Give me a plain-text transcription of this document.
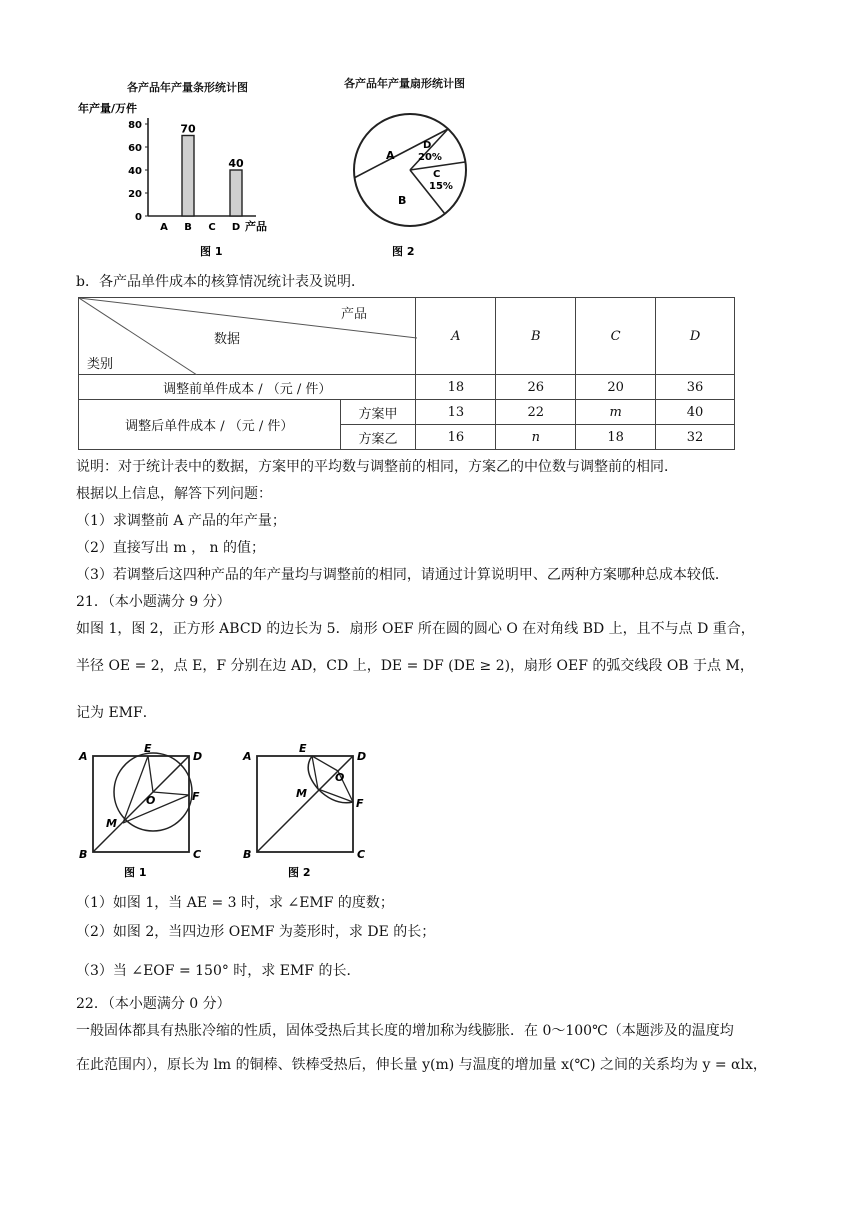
各产品年产量条形统计图	各产品年产量扇形统计图
年产量/万件
0
20
40
60
80
A B
70
C D
40
产品
图 1
A
B
D
20%
C
15%
图 2
b．各产品单件成本的核算情况统计表及说明．
产品
数据
类别		A	B	C	D
调整前单件成本 / （元 / 件）		18	26	20	36
调整后单件成本 / （元 / 件）	方案甲	13	22	m	40
	方案乙	16	n	18	32
说明：对于统计表中的数据，方案甲的平均数与调整前的相同，方案乙的中位数与调整前的相同．
根据以上信息，解答下列问题：
（1）求调整前 A 产品的年产量；
（2）直接写出 m ， n 的值；
（3）若调整后这四种产品的年产量均与调整前的相同，请通过计算说明甲、乙两种方案哪种总成本较低．
21．（本小题满分 9 分）
如图 1，图 2，正方形 ABCD 的边长为 5．扇形 OEF 所在圆的圆心 O 在对角线 BD 上，且不与点 D 重合，
半径 OE = 2，点 E，F 分别在边 AD，CD 上，DE = DF (DE ≥ 2)，扇形 OEF 的弧交线段 OB 于点 M，
记为 EMF．
A	D
E
F
O
M
B	C
图 1
A	D
E
F
O
M
B	C
图 2
（1）如图 1，当 AE = 3 时，求 ∠EMF 的度数；
（2）如图 2，当四边形 OEMF 为菱形时，求 DE 的长；
（3）当 ∠EOF = 150° 时，求 EMF 的长．
22．（本小题满分 0 分）
一般固体都具有热胀冷缩的性质，固体受热后其长度的增加称为线膨胀．在 0～100℃（本题涉及的温度均
在此范围内），原长为 lm 的铜棒、铁棒受热后，伸长量 y(m) 与温度的增加量 x(℃) 之间的关系均为 y = αlx，
